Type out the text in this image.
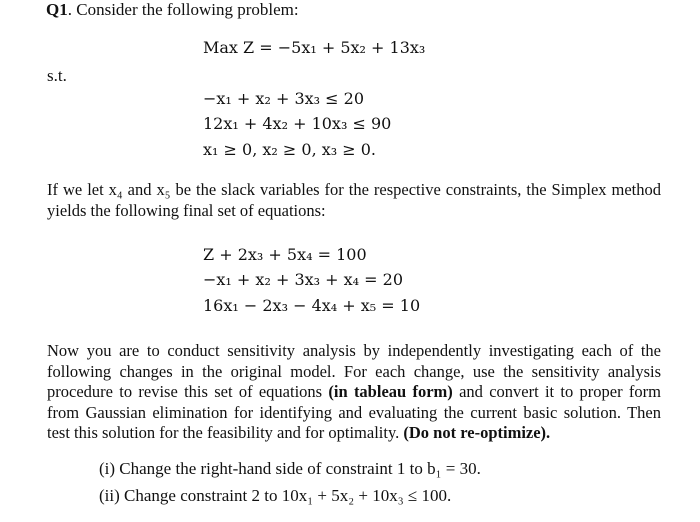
Q1. Consider the following problem:
Max Z = −5x₁ + 5x₂ + 13x₃
s.t.
−x₁ + x₂ + 3x₃ ≤ 20
12x₁ + 4x₂ + 10x₃ ≤ 90
x₁ ≥ 0, x₂ ≥ 0, x₃ ≥ 0.
If we let x₄ and x₅ be the slack variables for the respective constraints, the Simplex method yields the following final set of equations:
Z + 2x₃ + 5x₄ = 100
−x₁ + x₂ + 3x₃ + x₄ = 20
16x₁ − 2x₃ − 4x₄ + x₅ = 10
Now you are to conduct sensitivity analysis by independently investigating each of the following changes in the original model. For each change, use the sensitivity analysis procedure to revise this set of equations (in tableau form) and convert it to proper form from Gaussian elimination for identifying and evaluating the current basic solution. Then test this solution for the feasibility and for optimality. (Do not re-optimize).
(i) Change the right-hand side of constraint 1 to b₁ = 30.
(ii) Change constraint 2 to 10x₁ + 5x₂ + 10x₃ ≤ 100.
